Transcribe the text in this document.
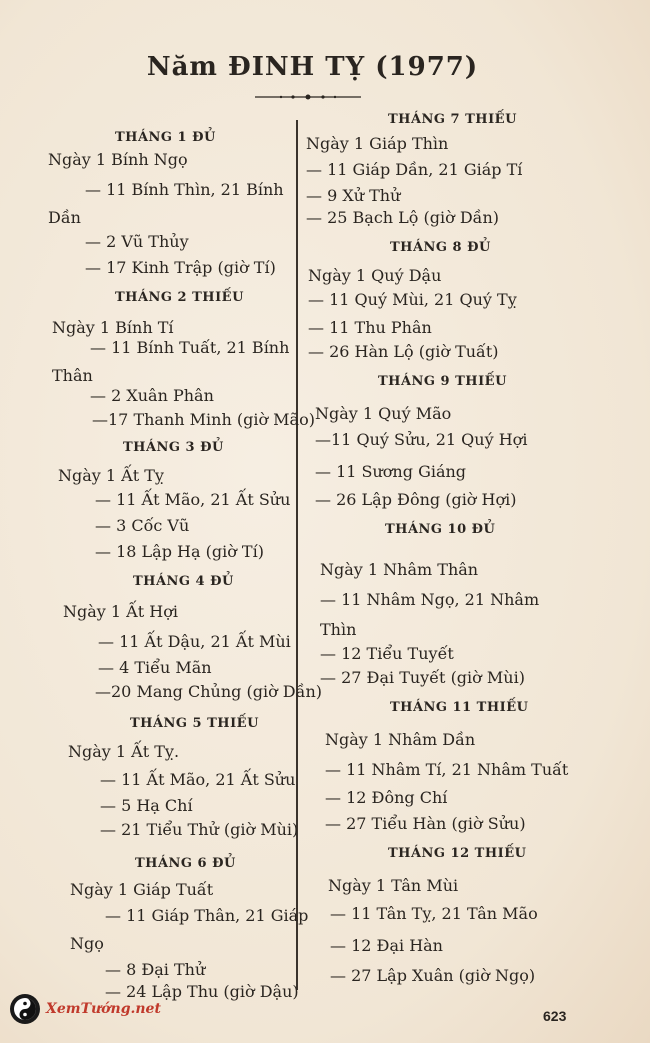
Năm ĐINH TỴ (1977)
THÁNG 1 ĐỦ
Ngày 1 Bính Ngọ
— 11 Bính Thìn, 21 Bính
Dần
— 2 Vũ Thủy
— 17 Kinh Trập (giờ Tí)
THÁNG 2 THIẾU
Ngày 1 Bính Tí
— 11 Bính Tuất, 21 Bính
Thân
— 2 Xuân Phân
—17 Thanh Minh (giờ Mão)
THÁNG 3 ĐỦ
Ngày 1 Ất Tỵ
— 11 Ất Mão, 21 Ất Sửu
— 3 Cốc Vũ
— 18 Lập Hạ (giờ Tí)
THÁNG 4 ĐỦ
Ngày 1 Ất Hợi
— 11 Ất Dậu, 21 Ất Mùi
— 4 Tiểu Mãn
—20 Mang Chủng (giờ Dần)
THÁNG 5 THIẾU
Ngày 1 Ất Tỵ.
— 11 Ất Mão, 21 Ất Sửu
— 5 Hạ Chí
— 21 Tiểu Thử (giờ Mùi)
THÁNG 6 ĐỦ
Ngày 1 Giáp Tuất
— 11 Giáp Thân, 21 Giáp
Ngọ
— 8 Đại Thử
— 24 Lập Thu (giờ Dậu)
THÁNG 7 THIẾU
Ngày 1 Giáp Thìn
— 11 Giáp Dần, 21 Giáp Tí
— 9 Xử Thử
— 25 Bạch Lộ (giờ Dần)
THÁNG 8 ĐỦ
Ngày 1 Quý Dậu
— 11 Quý Mùi, 21 Quý Tỵ
— 11 Thu Phân
— 26 Hàn Lộ (giờ Tuất)
THÁNG 9 THIẾU
Ngày 1 Quý Mão
—11 Quý Sửu, 21 Quý Hợi
— 11 Sương Giáng
— 26 Lập Đông (giờ Hợi)
THÁNG 10 ĐỦ
Ngày 1 Nhâm Thân
— 11 Nhâm Ngọ, 21 Nhâm
Thìn
— 12 Tiểu Tuyết
— 27 Đại Tuyết (giờ Mùi)
THÁNG 11 THIẾU
Ngày 1 Nhâm Dần
— 11 Nhâm Tí, 21 Nhâm Tuất
— 12 Đông Chí
— 27 Tiểu Hàn (giờ Sửu)
THÁNG 12 THIẾU
Ngày 1 Tân Mùi
— 11 Tân Tỵ, 21 Tân Mão
— 12 Đại Hàn
— 27 Lập Xuân (giờ Ngọ)
XemTướng.net	623
